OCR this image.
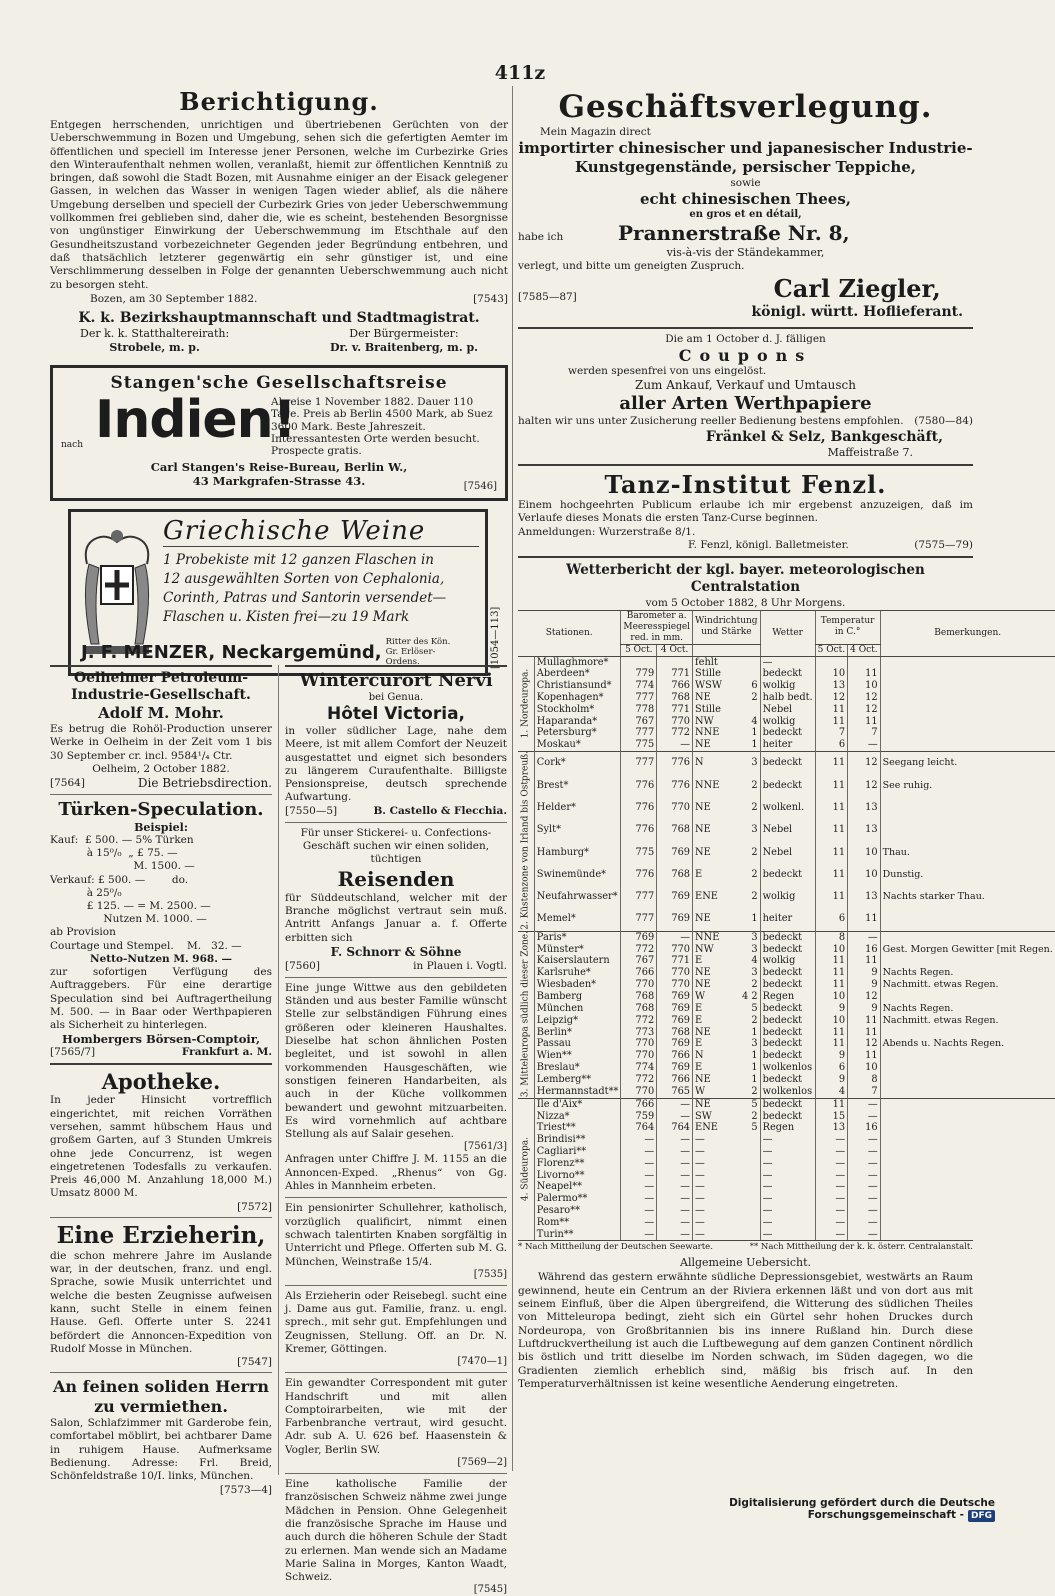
411z
Berichtigung.

Entgegen herrschenden, unrichtigen und übertriebenen Gerüchten von der Ueberschwemmung in Bozen und Umgebung, sehen sich die gefertigten Aemter im öffentlichen und speciell im Interesse jener Personen, welche im Curbezirke Gries den Winteraufenthalt nehmen wollen, veranlaßt, hiemit zur öffentlichen Kenntniß zu bringen, daß sowohl die Stadt Bozen, mit Ausnahme einiger an der Eisack gelegener Gassen, in welchen das Wasser in wenigen Tagen wieder ablief, als die nähere Umgebung derselben und speciell der Curbezirk Gries von jeder Ueberschwemmung vollkommen frei geblieben sind, daher die, wie es scheint, bestehenden Besorgnisse von ungünstiger Einwirkung der Ueberschwemmung im Etschthale auf den Gesundheitszustand vorbezeichneter Gegenden jeder Begründung entbehren, und daß thatsächlich letzterer gegenwärtig ein sehr günstiger ist, und eine Verschlimmerung desselben in Folge der genannten Ueberschwemmung auch nicht zu besorgen steht.

Bozen, am 30 September 1882.	[7543]

K. k. Bezirkshauptmannschaft und Stadtmagistrat.
Der k. k. Statthaltereirath:
Strobele, m. p.
Der Bürgermeister:
Dr. v. Braitenberg, m. p.
Stangen'sche Gesellschaftsreise
nach Indien!
Abreise 1 November 1882. Dauer 110 Tage. Preis ab Berlin 4500 Mark, ab Suez 3600 Mark. Beste Jahreszeit. Interessantesten Orte werden besucht. Prospecte gratis.
Carl Stangen's Reise-Bureau, Berlin W.,
43 Markgrafen-Strasse 43.	[7546]
Griechische Weine
1 Probekiste mit 12 ganzen Flaschen in
12 ausgewählten Sorten von Cephalonia,
Corinth, Patras und Santorin versendet—
Flaschen u. Kisten frei—zu 19 Mark
J. F. MENZER, Neckargemünd, Ritter des Kön. Gr. Erlöser-Ordens.	[1054—113]
Oelheimer Petroleum-Industrie-Gesellschaft.
Adolf M. Mohr.

Es betrug die Rohöl-Production unserer Werke in Oelheim in der Zeit vom 1 bis 30 September cr. incl. 9584¹/₄ Ctr.

Oelheim, 2 October 1882.
[7564]	Die Betriebsdirection.
Türken-Speculation.
Beispiel:
Kauf:  £ 500. — 5% Türken
à 15⁰/₀  „ £ 75. —
M. 1500. —
Verkauf: £ 500. —        do.
à 25⁰/₀
£ 125. — = M. 2500. —
Nutzen M. 1000. —
ab Provision
Courtage und Stempel.    M.   32. —
Netto-Nutzen M. 968. —

zur sofortigen Verfügung des Auftraggebers. Für eine derartige Speculation sind bei Auftragertheilung M. 500. — in Baar oder Werthpapieren als Sicherheit zu hinterlegen.

Hombergers Börsen-Comptoir,
[7565/7]	Frankfurt a. M.
Apotheke.

In jeder Hinsicht vortrefflich eingerichtet, mit reichen Vorräthen versehen, sammt hübschem Haus und großem Garten, auf 3 Stunden Umkreis ohne jede Concurrenz, ist wegen eingetretenen Todesfalls zu verkaufen. Preis 46,000 M. Anzahlung 18,000 M.) Umsatz 8000 M.

[7572]
Eine Erzieherin,

die schon mehrere Jahre im Auslande war, in der deutschen, franz. und engl. Sprache, sowie Musik unterrichtet und welche die besten Zeugnisse aufweisen kann, sucht Stelle in einem feinen Hause. Gefl. Offerte unter S. 2241 befördert die Annoncen-Expedition von Rudolf Mosse in München.

[7547]
An feinen soliden Herrn
zu vermiethen.

Salon, Schlafzimmer mit Garderobe fein, comfortabel möblirt, bei achtbarer Dame in ruhigem Hause. Aufmerksame Bedienung. Adresse: Frl. Breid, Schönfeldstraße 10/I. links, München.

[7573—4]
Wintercurort Nervi
bei Genua.
Hôtel Victoria,

in voller südlicher Lage, nahe dem Meere, ist mit allem Comfort der Neuzeit ausgestattet und eignet sich besonders zu längerem Curaufenthalte. Billigste Pensionspreise, deutsch sprechende Aufwartung.

[7550—5]	B. Castello & Flecchia.

Für unser Stickerei- u. Confections-Geschäft suchen wir einen soliden, tüchtigen

Reisenden

für Süddeutschland, welcher mit der Branche möglichst vertraut sein muß. Antritt Anfangs Januar a. f. Offerte erbitten sich

F. Schnorr & Söhne
[7560]	in Plauen i. Vogtl.

Eine junge Wittwe aus den gebildeten Ständen und aus bester Familie wünscht Stelle zur selbständigen Führung eines größeren oder kleineren Haushaltes. Dieselbe hat schon ähnlichen Posten begleitet, und ist sowohl in allen vorkommenden Hausgeschäften, wie sonstigen feineren Handarbeiten, als auch in der Küche vollkommen bewandert und gewohnt mitzuarbeiten. Es wird vornehmlich auf achtbare Stellung als auf Salair gesehen.

[7561/3]

Anfragen unter Chiffre J. M. 1155 an die Annoncen-Exped. „Rhenus“ von Gg. Ahles in Mannheim erbeten.

Ein pensionirter Schullehrer, katholisch, vorzüglich qualificirt, nimmt einen schwach talentirten Knaben sorgfältig in Unterricht und Pflege. Offerten sub M. G. München, Weinstraße 15/4.

[7535]

Als Erzieherin oder Reisebegl. sucht eine j. Dame aus gut. Familie, franz. u. engl. sprech., mit sehr gut. Empfehlungen und Zeugnissen, Stellung. Off. an Dr. N. Kremer, Göttingen.

[7470—1]

Ein gewandter Correspondent mit guter Handschrift und mit allen Comptoirarbeiten, wie mit der Farbenbranche vertraut, wird gesucht. Adr. sub A. U. 626 bef. Haasenstein & Vogler, Berlin SW.

[7569—2]

Eine katholische Familie der französischen Schweiz nähme zwei junge Mädchen in Pension. Ohne Gelegenheit die französische Sprache im Hause und auch durch die höheren Schule der Stadt zu erlernen. Man wende sich an Madame Marie Salina in Morges, Kanton Waadt, Schweiz.

[7545]
Geschäftsverlegung.
Mein Magazin direct
importirter chinesischer und japanesischer Industrie-
Kunstgegenstände, persischer Teppiche,
sowie
echt chinesischen Thees,
en gros et en détail,
habe ich	Prannerstraße Nr. 8,
vis-à-vis der Ständekammer,
verlegt, und bitte um geneigten Zuspruch.
[7585—87]	Carl Ziegler,
königl. württ. Hoflieferant.
Die am 1 October d. J. fälligen
Coupons
werden spesenfrei von uns eingelöst.
Zum Ankauf, Verkauf und Umtausch
aller Arten Werthpapiere
halten wir uns unter Zusicherung reeller Bedienung bestens empfohlen. (7580—84)
Fränkel & Selz, Bankgeschäft,
Maffeistraße 7.
Tanz-Institut Fenzl.

Einem hochgeehrten Publicum erlaube ich mir ergebenst anzuzeigen, daß im Verlaufe dieses Monats die ersten Tanz-Curse beginnen.

Anmeldungen: Wurzerstraße 8/1.
F. Fenzl, königl. Balletmeister.	(7575—79)
Wetterbericht der kgl. bayer. meteorologischen Centralstation
vom 5 October 1882, 8 Uhr Morgens.
Stationen.		Barometer a. Meeresspiegel red. in mm.		Windrichtung und Stärke		Wetter	Temperatur in C.°		Bemerkungen.
		5 Oct.	4 Oct.				5 Oct.	4 Oct.	
1. Nordeuropa.	Mullaghmore*			fehlt		—			
	Aberdeen*	779	771	Stille		bedeckt	10	11	
	Christiansund*	774	766	WSW	6	wolkig	13	10	
	Kopenhagen*	777	768	NE	2	halb bedt.	12	12	
	Stockholm*	778	771	Stille		Nebel	11	12	
	Haparanda*	767	770	NW	4	wolkig	11	11	
	Petersburg*	777	772	NNE	1	bedeckt	7	7	
	Moskau*	775	—	NE	1	heiter	6	—	
2. Küstenzone von Irland bis Ostpreuß.	Cork*	777	776	N	3	bedeckt	11	12	Seegang leicht.
	Brest*	776	776	NNE	2	bedeckt	11	12	See ruhig.
	Helder*	776	770	NE	2	wolkenl.	11	13	
	Sylt*	776	768	NE	3	Nebel	11	13	
	Hamburg*	775	769	NE	2	Nebel	11	10	Thau.
	Swinemünde*	776	768	E	2	bedeckt	11	10	Dunstig.
	Neufahrwasser*	777	769	ENE	2	wolkig	11	13	Nachts starker Thau.
	Memel*	777	769	NE	1	heiter	6	11	
3. Mitteleuropa südlich dieser Zone.	Paris*	769	—	NNE	3	bedeckt	8	—	
	Münster*	772	770	NW	3	bedeckt	10	16	Gest. Morgen Gewitter [mit Regen.
	Kaiserslautern	767	771	E	4	wolkig	11	11	
	Karlsruhe*	766	770	NE	3	bedeckt	11	9	Nachts Regen.
	Wiesbaden*	770	770	NE	2	bedeckt	11	9	Nachmitt. etwas Regen.
	Bamberg	768	769	W	4 2	Regen	10	12	
	München	768	769	E	5	bedeckt	9	9	Nachts Regen.
	Leipzig*	772	769	E	2	bedeckt	10	11	Nachmitt. etwas Regen.
	Berlin*	773	768	NE	1	bedeckt	11	11	
	Passau	770	769	E	3	bedeckt	11	12	Abends u. Nachts Regen.
	Wien**	770	766	N	1	bedeckt	9	11	
	Breslau*	774	769	E	1	wolkenlos	6	10	
	Lemberg**	772	766	NE	1	bedeckt	9	8	
	Hermannstadt**	770	765	W	2	wolkenlos	4	7	
4. Südeuropa.	Ile d'Aix*	766	—	NE	5	bedeckt	11	—	
	Nizza*	759	—	SW	2	bedeckt	15	—	
	Triest**	764	764	ENE	5	Regen	13	16	
	Brindisi**	—	—	—		—	—	—	
	Cagliari**	—	—	—		—	—	—	
	Florenz**	—	—	—		—	—	—	
	Livorno**	—	—	—		—	—	—	
	Neapel**	—	—	—		—	—	—	
	Palermo**	—	—	—		—	—	—	
	Pesaro**	—	—	—		—	—	—	
	Rom**	—	—	—		—	—	—	
	Turin**	—	—	—		—	—	—	
* Nach Mittheilung der Deutschen Seewarte.	** Nach Mittheilung der k. k. österr. Centralanstalt.
Allgemeine Uebersicht.

Während das gestern erwähnte südliche Depressionsgebiet, westwärts an Raum gewinnend, heute ein Centrum an der Riviera erkennen läßt und von dort aus mit seinem Einfluß, über die Alpen übergreifend, die Witterung des südlichen Theiles von Mitteleuropa bedingt, zieht sich ein Gürtel sehr hohen Druckes durch Nordeuropa, von Großbritannien bis ins innere Rußland hin. Durch diese Luftdruckvertheilung ist auch die Luftbewegung auf dem ganzen Continent nördlich bis östlich und tritt dieselbe im Norden schwach, im Süden dagegen, wo die Gradienten ziemlich erheblich sind, mäßig bis frisch auf. In den Temperaturverhältnissen ist keine wesentliche Aenderung eingetreten.

Digitalisierung gefördert durch die Deutsche Forschungsgemeinschaft - DFG
